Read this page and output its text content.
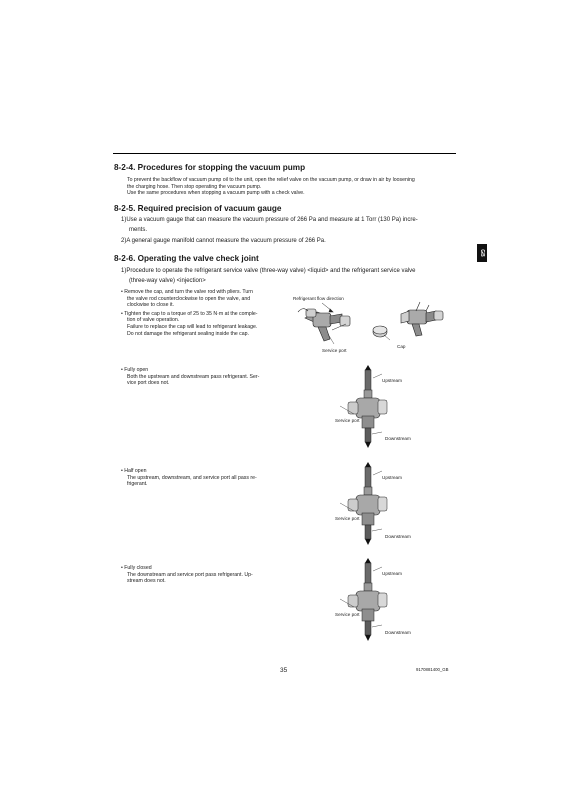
8-2-4. Procedures for stopping the vacuum pump
To prevent the backflow of vacuum pump oil to the unit, open the relief valve on the vacuum pump, or draw in air by loosening
the charging hose. Then stop operating the vacuum pump.
Use the same procedures when stopping a vacuum pump with a check valve.
8-2-5. Required precision of vacuum gauge
1)Use a vacuum gauge that can measure the vacuum pressure of 266 Pa and measure at 1 Torr (130 Pa) incre-
ments.
2)A general gauge manifold cannot measure the vacuum pressure of 266 Pa.
8-2-6. Operating the valve check joint
1)Procedure to operate the refrigerant service valve (three-way valve) <liquid> and the refrigerant service valve
(three-way valve) <injection>
• Remove the cap, and turn the valve rod with pliers. Turn
the valve rod counterclockwise to open the valve, and
clockwise to close it.
• Tighten the cap to a torque of 25 to 35 N·m at the comple-
tion of valve operation.
Failure to replace the cap will lead to refrigerant leakage.
Do not damage the refrigerant sealing inside the cap.
Refrigerant flow direction
Service port
Cap
• Fully open
Both the upstream and downstream pass refrigerant. Ser-
vice port does not.	Upstream
Service port
Downstream
• Half open
The upstream, downstream, and service port all pass re-
frigerant.
Upstream
Service port
Downstream
• Fully closed
The downstream and service port pass refrigerant. Up-
stream does not.
Upstream
Service port
Downstream
GB
35	9170881400_GB
